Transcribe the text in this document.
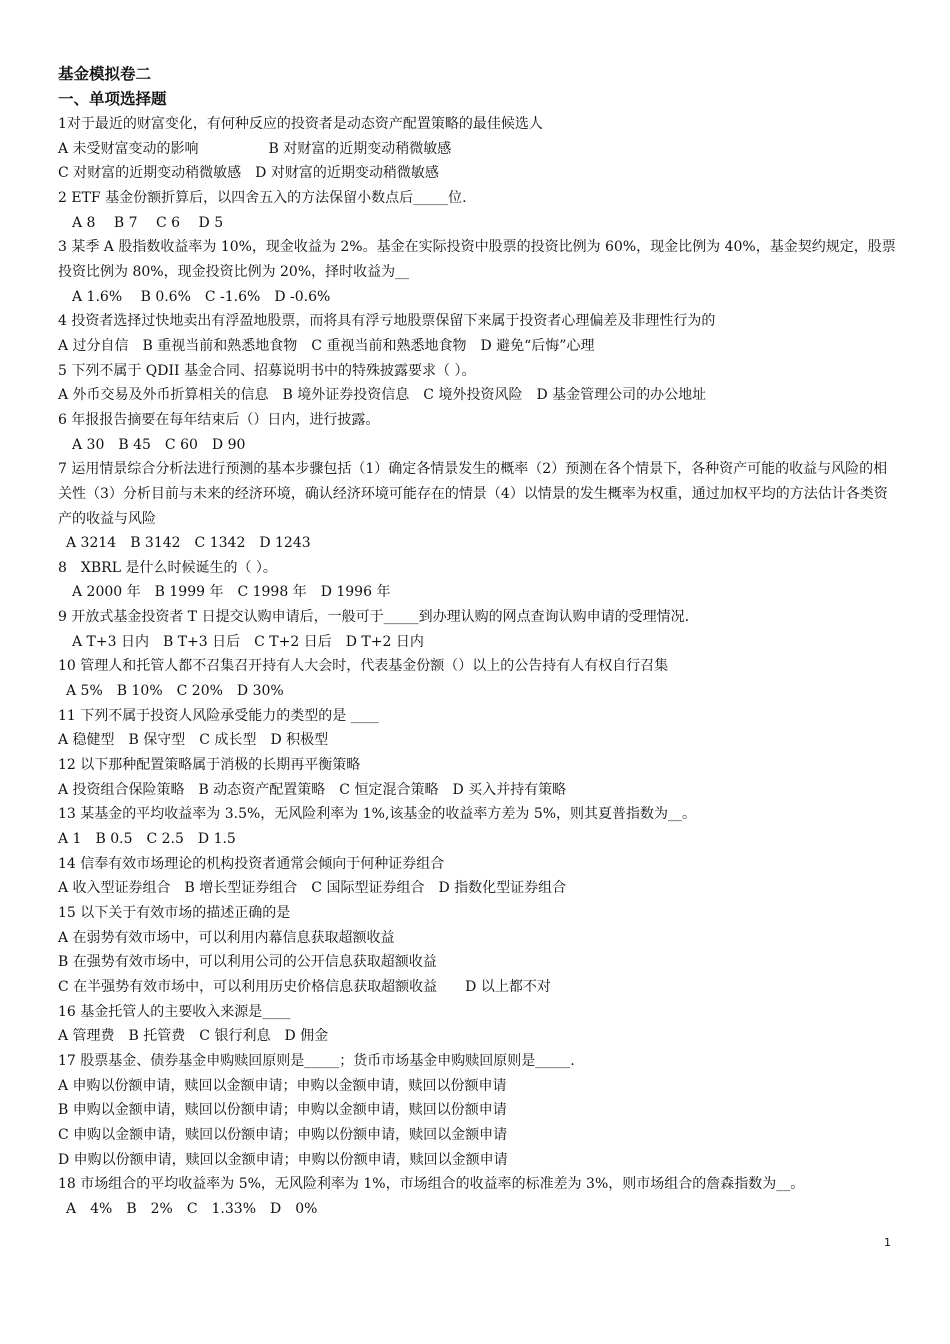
基金模拟卷二
一、单项选择题
1对于最近的财富变化，有何种反应的投资者是动态资产配置策略的最佳候选人
A 未受财富变动的影响　　　　　B 对财富的近期变动稍微敏感
C 对财富的近期变动稍微敏感　D 对财富的近期变动稍微敏感
2 ETF 基金份额折算后，以四舍五入的方法保留小数点后_____位.
A 8　 B 7　 C 6　 D 5
3 某季 A 股指数收益率为 10%，现金收益为 2%。基金在实际投资中股票的投资比例为 60%，现金比例为 40%，基金契约规定，股票投资比例为 80%，现金投资比例为 20%，择时收益为__
A 1.6%　 B 0.6%　C -1.6%　D -0.6%
4 投资者选择过快地卖出有浮盈地股票，而将具有浮亏地股票保留下来属于投资者心理偏差及非理性行为的
A 过分自信　B 重视当前和熟悉地食物　C 重视当前和熟悉地食物　D 避免“后悔”心理
5 下列不属于 QDII 基金合同、招募说明书中的特殊披露要求（ ）。
A 外币交易及外币折算相关的信息　B 境外证券投资信息　C 境外投资风险　D 基金管理公司的办公地址
6 年报报告摘要在每年结束后（）日内，进行披露。
A 30　B 45　C 60　D 90
7 运用情景综合分析法进行预测的基本步骤包括（1）确定各情景发生的概率（2）预测在各个情景下，各种资产可能的收益与风险的相关性（3）分析目前与未来的经济环境，确认经济环境可能存在的情景（4）以情景的发生概率为权重，通过加权平均的方法估计各类资产的收益与风险
A 3214　B 3142　C 1342　D 1243
8　XBRL 是什么时候诞生的（ ）。
A 2000 年　B 1999 年　C 1998 年　D 1996 年
9 开放式基金投资者 T 日提交认购申请后，一般可于_____到办理认购的网点查询认购申请的受理情况.
A T+3 日内　B T+3 日后　C T+2 日后　D T+2 日内
10 管理人和托管人都不召集召开持有人大会时，代表基金份额（）以上的公告持有人有权自行召集
A 5%　B 10%　C 20%　D 30%
11 下列不属于投资人风险承受能力的类型的是 ____
A 稳健型　B 保守型　C 成长型　D 积极型
12 以下那种配置策略属于消极的长期再平衡策略
A 投资组合保险策略　B 动态资产配置策略　C 恒定混合策略　D 买入并持有策略
13 某基金的平均收益率为 3.5%，无风险利率为 1%,该基金的收益率方差为 5%，则其夏普指数为__。
A 1　B 0.5　C 2.5　D 1.5
14 信奉有效市场理论的机构投资者通常会倾向于何种证券组合
A 收入型证券组合　B 增长型证券组合　C 国际型证券组合　D 指数化型证券组合
15 以下关于有效市场的描述正确的是
A 在弱势有效市场中，可以利用内幕信息获取超额收益
B 在强势有效市场中，可以利用公司的公开信息获取超额收益
C 在半强势有效市场中，可以利用历史价格信息获取超额收益　　D 以上都不对
16 基金托管人的主要收入来源是____
A 管理费　B 托管费　C 银行利息　D 佣金
17 股票基金、债券基金申购赎回原则是_____；货币市场基金申购赎回原则是_____.
A 申购以份额申请，赎回以金额申请；申购以金额申请，赎回以份额申请
B 申购以金额申请，赎回以份额申请；申购以金额申请，赎回以份额申请
C 申购以金额申请，赎回以份额申请；申购以份额申请，赎回以金额申请
D 申购以份额申请，赎回以金额申请；申购以份额申请，赎回以金额申请
18 市场组合的平均收益率为 5%，无风险利率为 1%，市场组合的收益率的标准差为 3%，则市场组合的詹森指数为__。
A　4%　B　2%　C　1.33%　D　0%
1
